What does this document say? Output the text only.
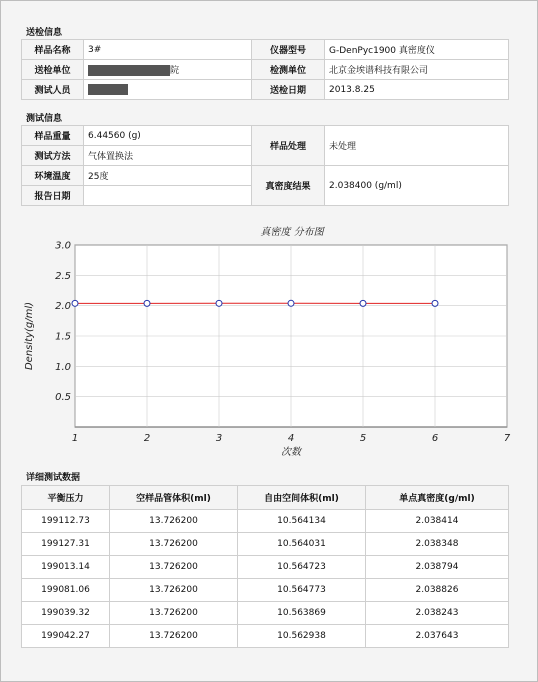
送检信息
样品名称	3#	仪器型号	G-DenPyc1900 真密度仪
送检单位	院	检测单位	北京金埃谱科技有限公司
测试人员		送检日期	2013.8.25
测试信息
样品重量	6.44560 (g)	样品处理	未处理
测试方法	气体置换法		
环境温度	25度	真密度结果	2.038400 (g/ml)
报告日期			
真密度 分布图
0.5
1.0
1.5
2.0
2.5
3.0
1	2	3	4	5	6	7
次数
Density(g/ml)
详细测试数据
平衡压力	空样品管体积(ml)	自由空间体积(ml)	单点真密度(g/ml)
199112.73	13.726200	10.564134	2.038414
199127.31	13.726200	10.564031	2.038348
199013.14	13.726200	10.564723	2.038794
199081.06	13.726200	10.564773	2.038826
199039.32	13.726200	10.563869	2.038243
199042.27	13.726200	10.562938	2.037643
